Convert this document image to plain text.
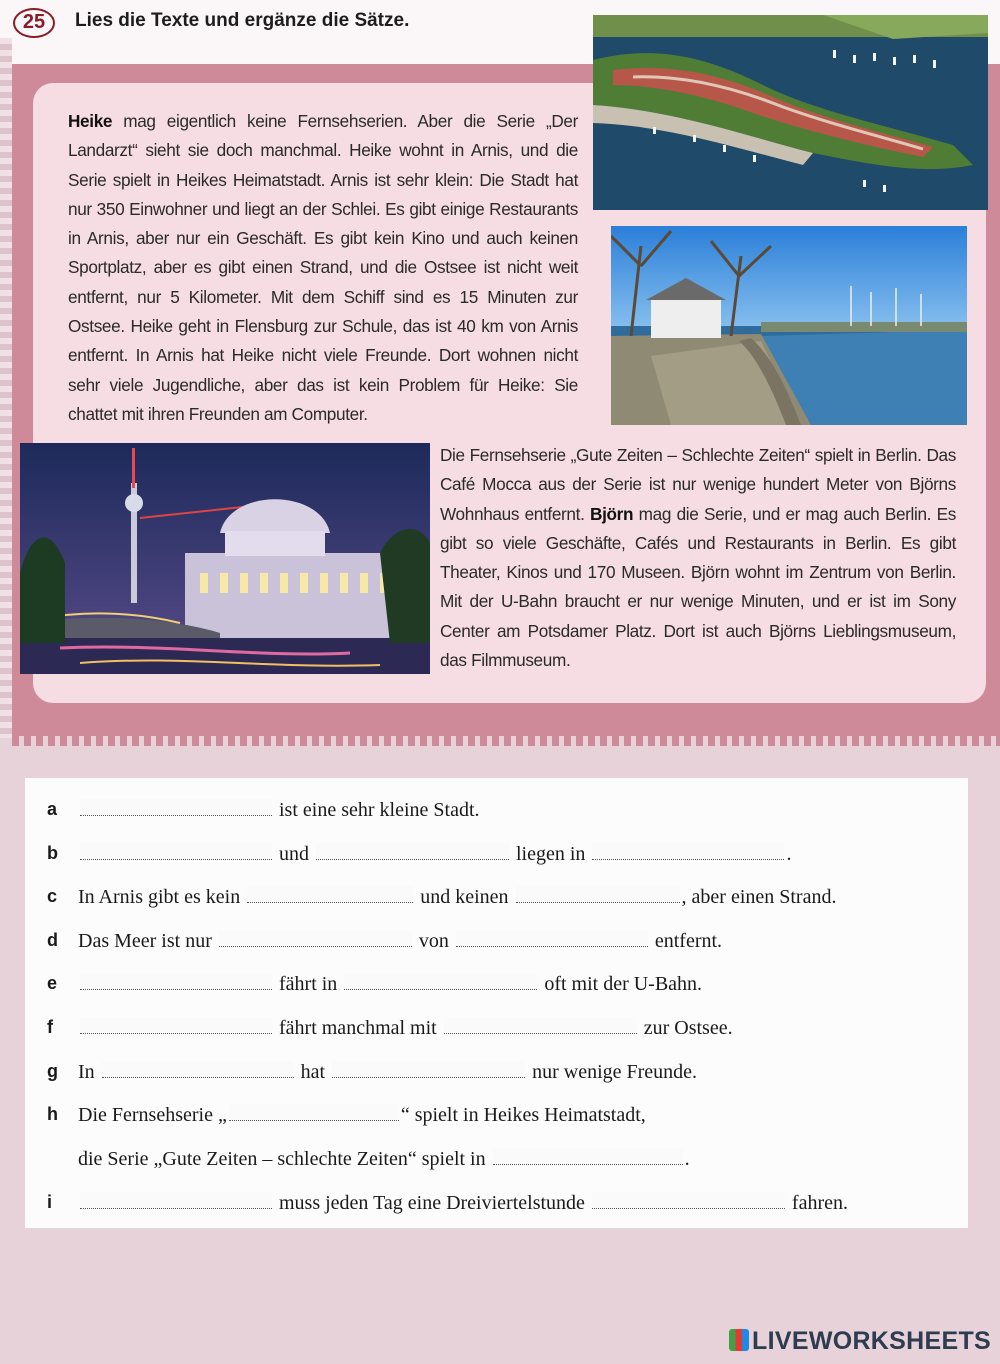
25	Lies die Texte und ergänze die Sätze.

Heike mag eigentlich keine Fernsehserien. Aber die Serie „Der Landarzt“ sieht sie doch manchmal. Heike wohnt in Arnis, und die Serie spielt in Heikes Heimatstadt. Arnis ist sehr klein: Die Stadt hat nur 350 Einwohner und liegt an der Schlei. Es gibt einige Restaurants in Arnis, aber nur ein Geschäft. Es gibt kein Kino und auch keinen Sportplatz, aber es gibt einen Strand, und die Ostsee ist nicht weit entfernt, nur 5 Kilometer. Mit dem Schiff sind es 15 Minuten zur Ostsee. Heike geht in Flensburg zur Schule, das ist 40 km von Arnis entfernt. In Arnis hat Heike nicht viele Freunde. Dort wohnen nicht sehr viele Jugendliche, aber das ist kein Problem für Heike: Sie chattet mit ihren Freunden am Computer.

Die Fernsehserie „Gute Zeiten – Schlechte Zeiten“ spielt in Berlin. Das Café Mocca aus der Serie ist nur wenige hundert Meter von Björns Wohnhaus entfernt. Björn mag die Serie, und er mag auch Berlin. Es gibt so viele Geschäfte, Cafés und Restaurants in Berlin. Es gibt Theater, Kinos und 170 Museen. Björn wohnt im Zentrum von Berlin. Mit der U-Bahn braucht er nur wenige Minuten, und er ist im Sony Center am Potsdamer Platz. Dort ist auch Björns Lieblingsmuseum, das Filmmuseum.

a	ist eine sehr kleine Stadt.
b	und	liegen in	.
c In Arnis gibt es kein	und keinen	, aber einen Strand.
d Das Meer ist nur	von	entfernt.
e	fährt in	oft mit der U-Bahn.
f	fährt manchmal mit	zur Ostsee.
g In	hat	nur wenige Freunde.
h Die Fernsehserie „	“ spielt in Heikes Heimatstadt,
die Serie „Gute Zeiten – schlechte Zeiten“ spielt in	.
i	muss jeden Tag eine Dreiviertelstunde	fahren.
LIVEWORKSHEETS
